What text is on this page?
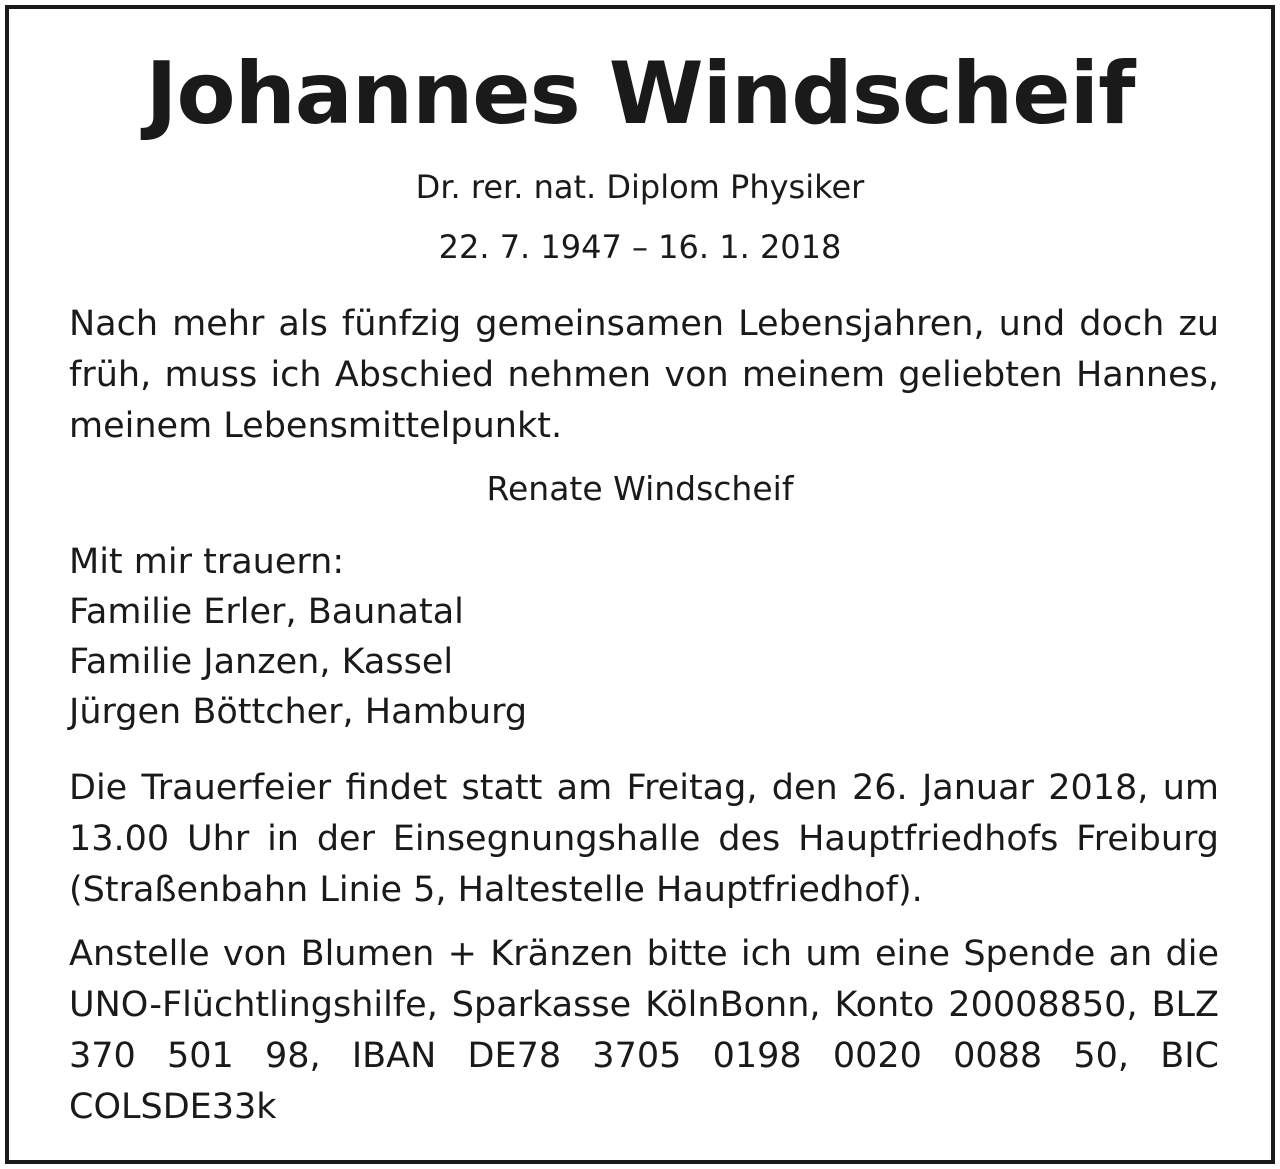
Johannes Windscheif
Dr. rer. nat. Diplom Physiker
22. 7. 1947 – 16. 1. 2018
Nach mehr als fünfzig gemeinsamen Lebensjahren, und doch zu früh, muss ich Abschied nehmen von meinem geliebten Hannes, meinem Lebensmittelpunkt.
Renate Windscheif
Mit mir trauern:
Familie Erler, Baunatal
Familie Janzen, Kassel
Jürgen Böttcher, Hamburg
Die Trauerfeier findet statt am Freitag, den 26. Januar 2018, um 13.00 Uhr in der Einsegnungshalle des Hauptfriedhofs Freiburg (Straßenbahn Linie 5, Haltestelle Hauptfriedhof).
Anstelle von Blumen + Kränzen bitte ich um eine Spende an die UNO-Flüchtlingshilfe, Sparkasse KölnBonn, Konto 20008850, BLZ 370 501 98, IBAN DE78 3705 0198 0020 0088 50, BIC COLSDE33k
